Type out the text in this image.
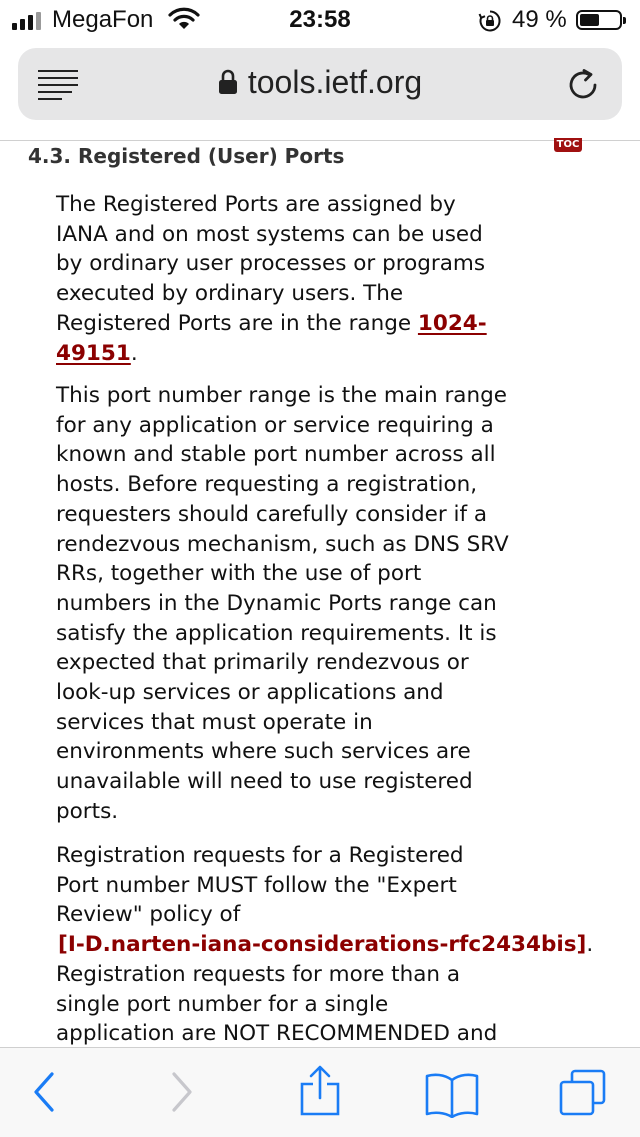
MegaFon	23:58	49 %
tools.ietf.org
TOC
4.3. Registered (User) Ports
The Registered Ports are assigned by
IANA and on most systems can be used
by ordinary user processes or programs
executed by ordinary users. The
Registered Ports are in the range 1024-
49151.
This port number range is the main range
for any application or service requiring a
known and stable port number across all
hosts. Before requesting a registration,
requesters should carefully consider if a
rendezvous mechanism, such as DNS SRV
RRs, together with the use of port
numbers in the Dynamic Ports range can
satisfy the application requirements. It is
expected that primarily rendezvous or
look-up services or applications and
services that must operate in
environments where such services are
unavailable will need to use registered
ports.
Registration requests for a Registered
Port number MUST follow the "Expert
Review" policy of
[I-D.narten-iana-considerations-rfc2434bis].
Registration requests for more than a
single port number for a single
application are NOT RECOMMENDED and
